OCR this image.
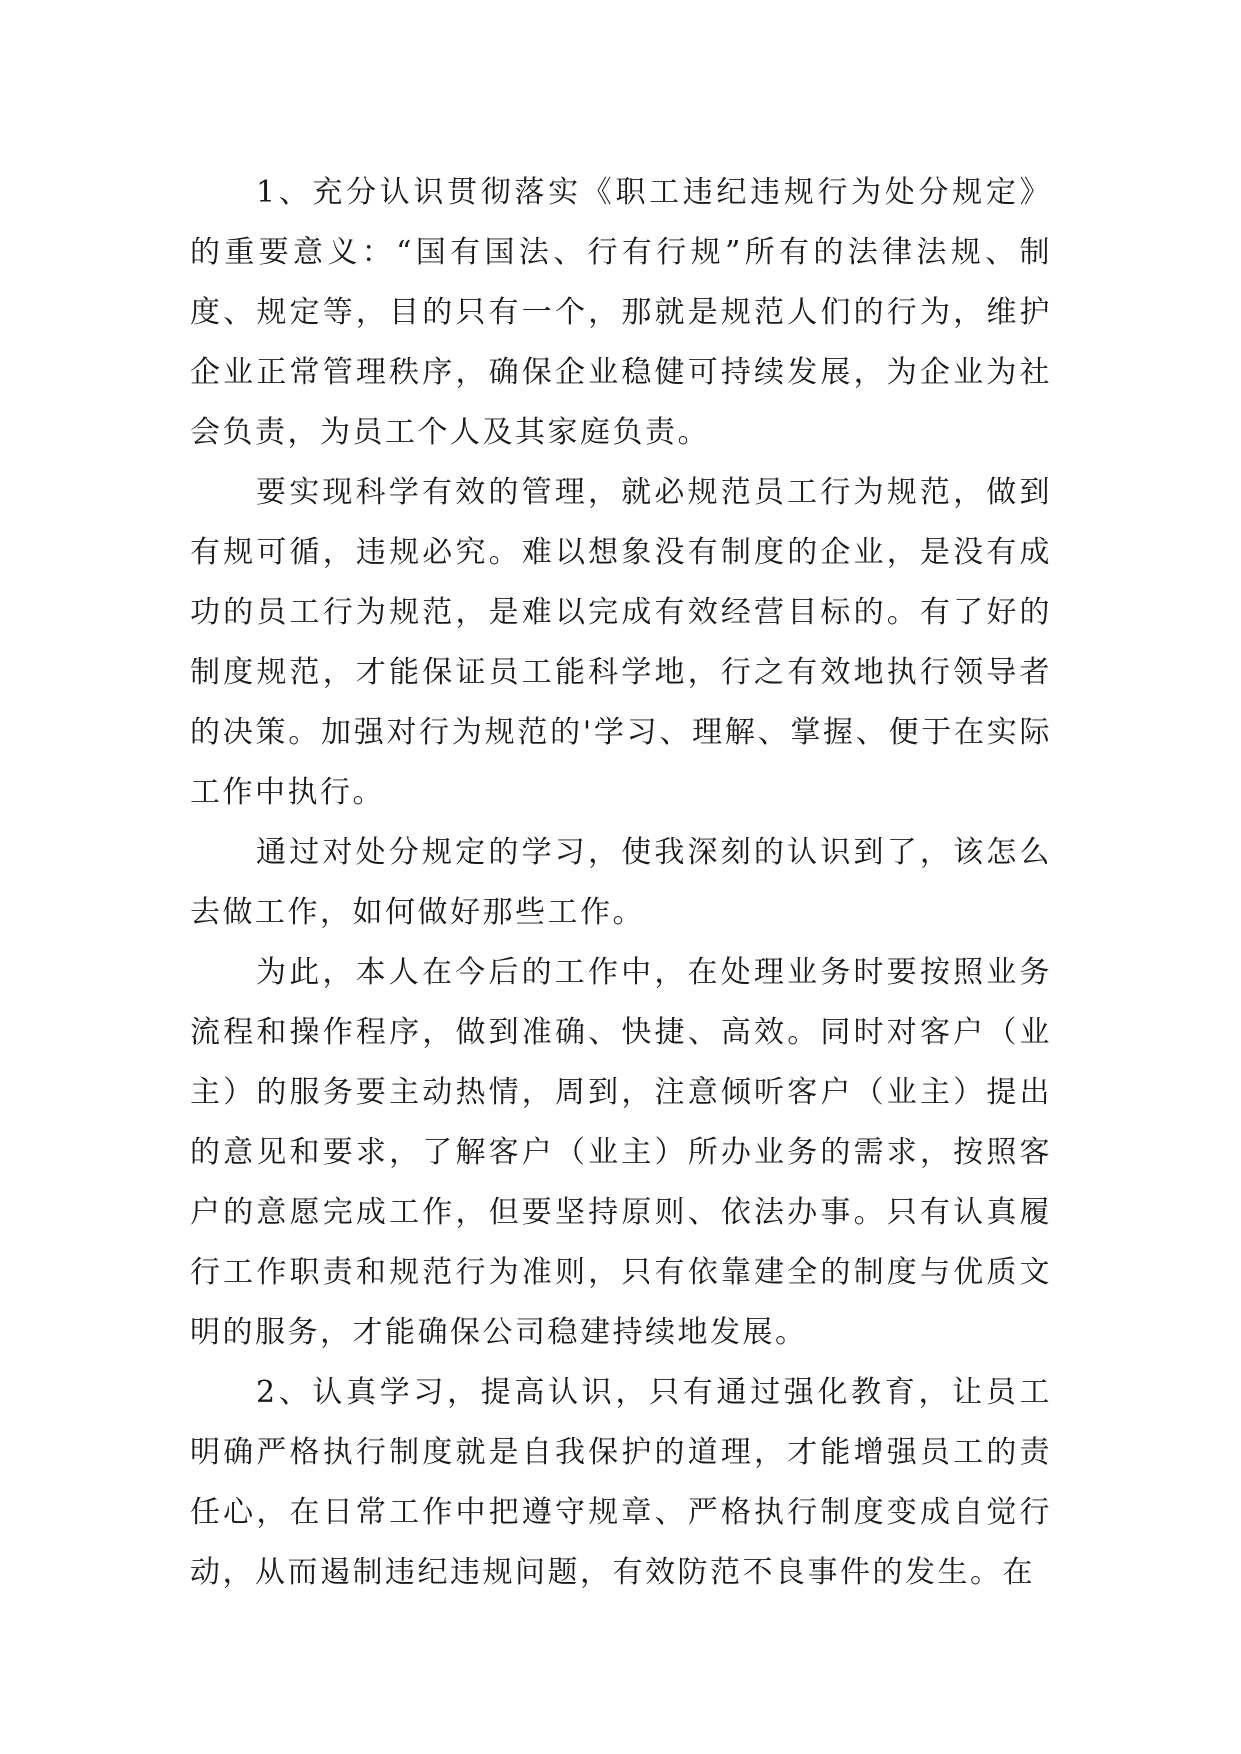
1、充分认识贯彻落实《职工违纪违规行为处分规定》的重要意义：“国有国法、行有行规”所有的法律法规、制度、规定等，目的只有一个，那就是规范人们的行为，维护企业正常管理秩序，确保企业稳健可持续发展，为企业为社会负责，为员工个人及其家庭负责。

要实现科学有效的管理，就必规范员工行为规范，做到有规可循，违规必究。难以想象没有制度的企业，是没有成功的员工行为规范，是难以完成有效经营目标的。有了好的制度规范，才能保证员工能科学地，行之有效地执行领导者的决策。加强对行为规范的'学习、理解、掌握、便于在实际工作中执行。

通过对处分规定的学习，使我深刻的认识到了，该怎么去做工作，如何做好那些工作。

为此，本人在今后的工作中，在处理业务时要按照业务流程和操作程序，做到准确、快捷、高效。同时对客户（业主）的服务要主动热情，周到，注意倾听客户（业主）提出的意见和要求，了解客户（业主）所办业务的需求，按照客户的意愿完成工作，但要坚持原则、依法办事。只有认真履行工作职责和规范行为准则，只有依靠建全的制度与优质文明的服务，才能确保公司稳建持续地发展。

2、认真学习，提高认识，只有通过强化教育，让员工明确严格执行制度就是自我保护的道理，才能增强员工的责任心，在日常工作中把遵守规章、严格执行制度变成自觉行动，从而遏制违纪违规问题，有效防范不良事件的发生。在
